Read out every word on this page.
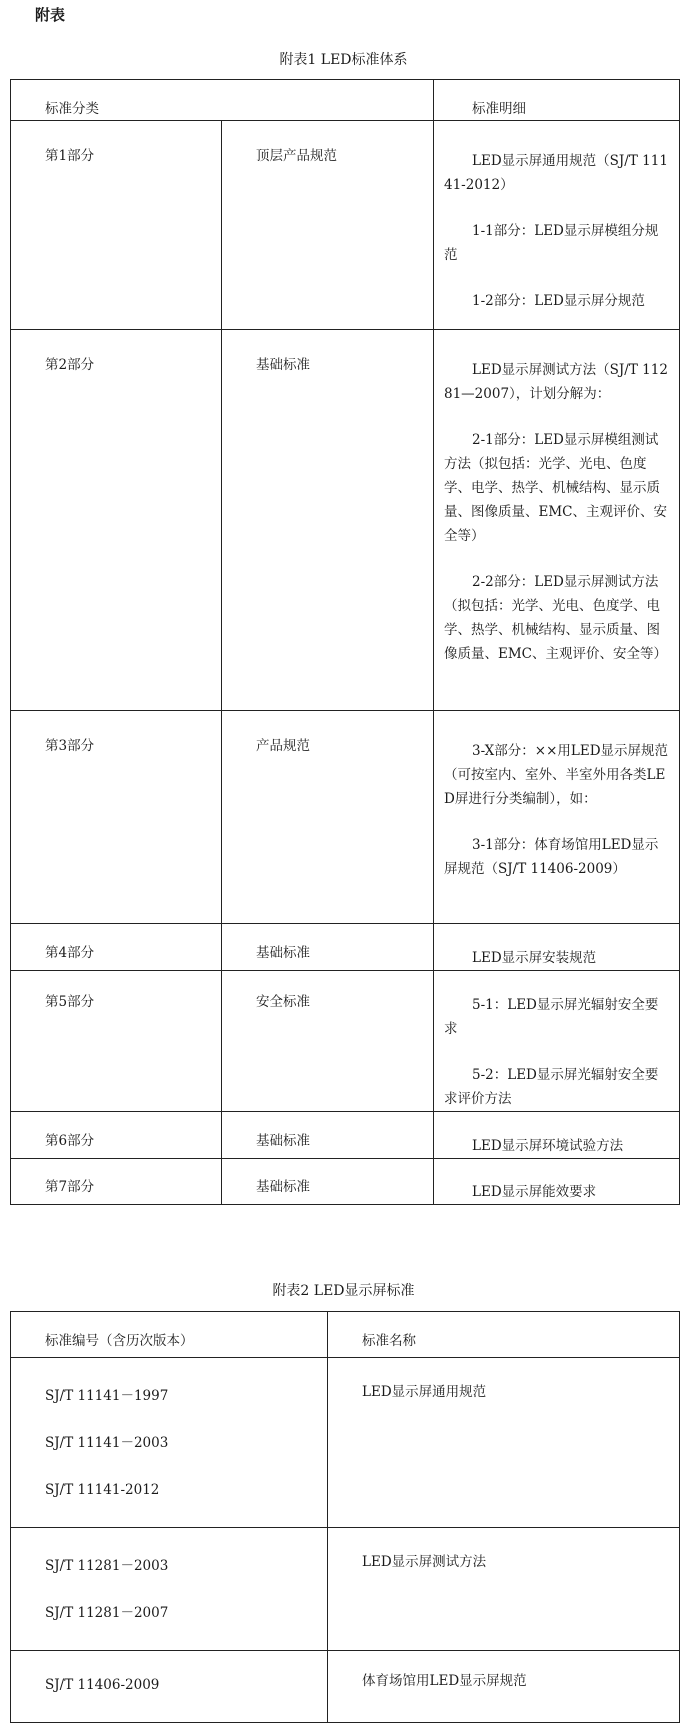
附表
附表1 LED标准体系
标准分类		标准明细
第1部分	顶层产品规范	LED显示屏通用规范（SJ/T 11141-2012）

1-1部分：LED显示屏模组分规范

1-2部分：LED显示屏分规范

第2部分	基础标准	LED显示屏测试方法（SJ/T 11281—2007），计划分解为：

2-1部分：LED显示屏模组测试方法（拟包括：光学、光电、色度学、电学、热学、机械结构、显示质量、图像质量、EMC、主观评价、安全等）

2-2部分：LED显示屏测试方法（拟包括：光学、光电、色度学、电学、热学、机械结构、显示质量、图像质量、EMC、主观评价、安全等）

第3部分	产品规范	3-X部分：××用LED显示屏规范（可按室内、室外、半室外用各类LED屏进行分类编制），如：

3-1部分：体育场馆用LED显示屏规范（SJ/T 11406-2009）

第4部分	基础标准	LED显示屏安装规范

第5部分	安全标准	5-1：LED显示屏光辐射安全要求

5-2：LED显示屏光辐射安全要求评价方法

第6部分	基础标准	LED显示屏环境试验方法

第7部分	基础标准	LED显示屏能效要求

附表2 LED显示屏标准
标准编号（含历次版本）	标准名称

SJ/T 11141－1997
SJ/T 11141－2003
SJ/T 11141-2012	LED显示屏通用规范

SJ/T 11281－2003
SJ/T 11281－2007	LED显示屏测试方法

SJ/T 11406-2009	体育场馆用LED显示屏规范
